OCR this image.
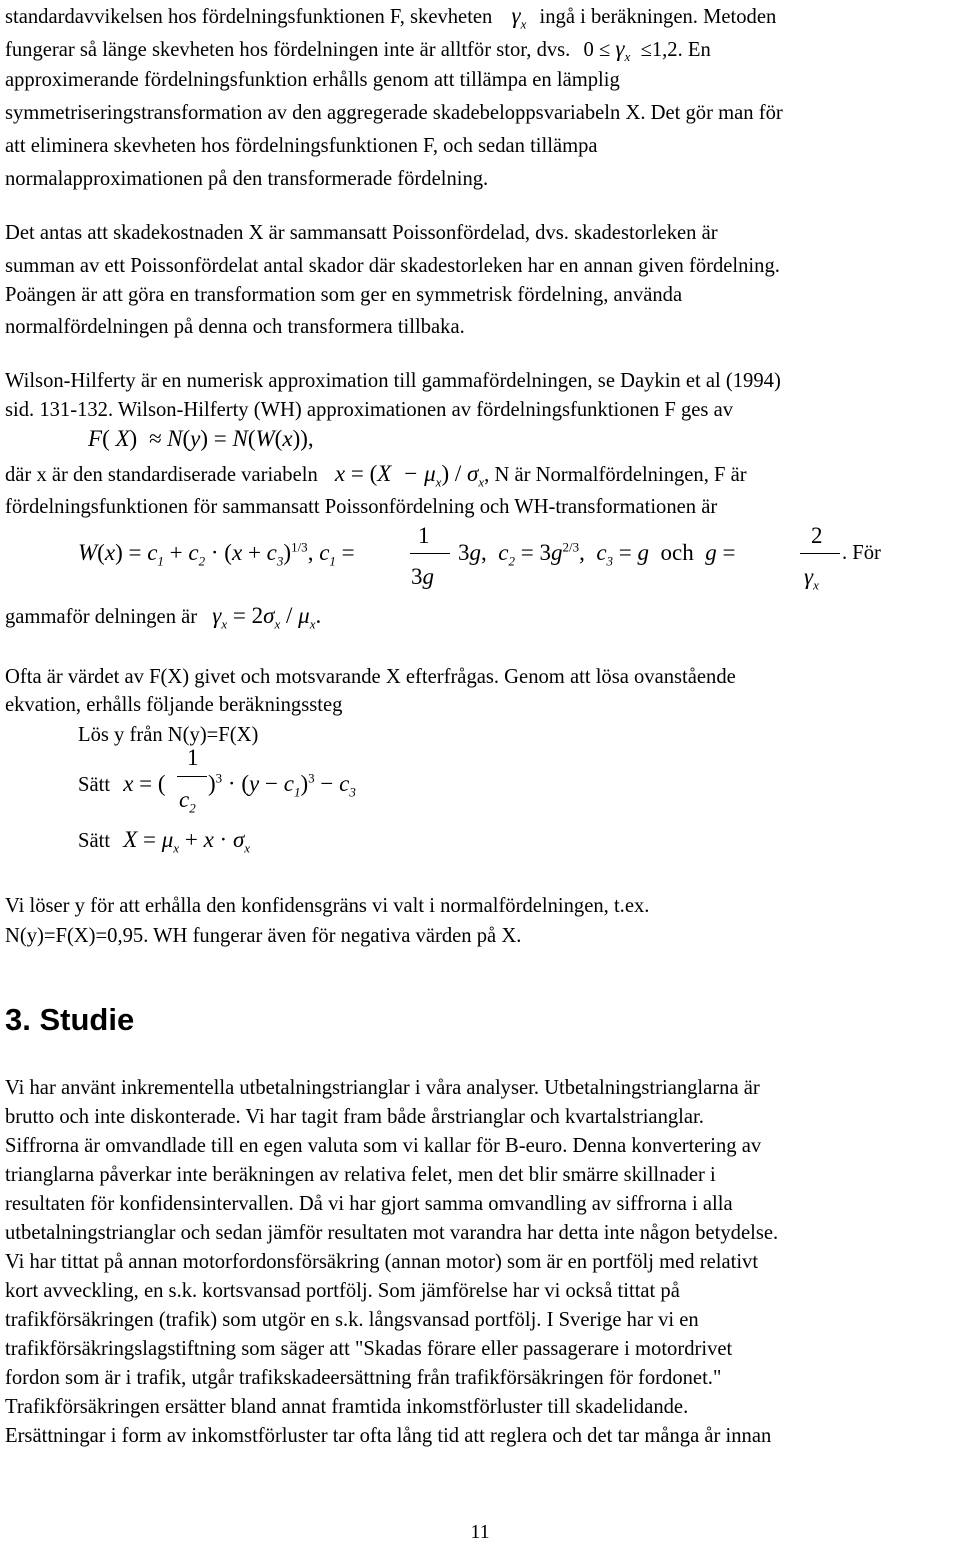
standardavvikelsen hos fördelningsfunktionen F, skevheten $\gamma_x$ ingå i beräkningen. Metoden
fungerar så länge skevheten hos fördelningen inte är alltför stor, dvs. $0 \le \gamma_x \le 1,2$. En
approximerande fördelningsfunktion erhålls genom att tillämpa en lämplig
symmetriseringstransformation av den aggregerade skadebeloppsvariabeln X. Det gör man för
att eliminera skevheten hos fördelningsfunktionen F, och sedan tillämpa
normalapproximationen på den transformerade fördelning.
Det antas att skadekostnaden X är sammansatt Poissonfördelad, dvs. skadestorleken är
summan av ett Poissonfördelat antal skador där skadestorleken har en annan given fördelning.
Poängen är att göra en transformation som ger en symmetrisk fördelning, använda
normalfördelningen på denna och transformera tillbaka.
Wilson-Hilferty är en numerisk approximation till gammafördelningen, se Daykin et al (1994)
sid. 131-132. Wilson-Hilferty (WH) approximationen av fördelningsfunktionen F ges av
F( X)  ≈ N(y) = N(W(x)),
där x är den standardiserade variabeln $x = (X - \mu_x) / \sigma_x$, N är Normalfördelningen, F är
fördelningsfunktionen för sammansatt Poissonfördelning och WH-transformationen är
$W(x) = c_1 + c_2 \cdot (x + c_3)^{1/3}$, $c_1$ =
1
3g
3g,  $c_2 = 3g^{2/3}$,  $c_3 = g$  och  g =
2
$\gamma_x$
. För
gammaför delningen är $\gamma_x = 2\sigma_x / \mu_x$.
Ofta är värdet av F(X) givet och motsvarande X efterfrågas. Genom att lösa ovanstående
ekvation, erhålls följande beräkningssteg
Lös y från N(y)=F(X)
Sätt x = (
1
$c_2$
)$^3 \cdot (y - c_1)^3 - c_3$
Sätt $X = \mu_x + x \cdot \sigma_x$
Vi löser y för att erhålla den konfidensgräns vi valt i normalfördelningen, t.ex.
N(y)=F(X)=0,95. WH fungerar även för negativa värden på X.
3. Studie
Vi har använt inkrementella utbetalningstrianglar i våra analyser. Utbetalningstrianglarna är
brutto och inte diskonterade. Vi har tagit fram både årstrianglar och kvartalstrianglar.
Siffrorna är omvandlade till en egen valuta som vi kallar för B-euro. Denna konvertering av
trianglarna påverkar inte beräkningen av relativa felet, men det blir smärre skillnader i
resultaten för konfidensintervallen. Då vi har gjort samma omvandling av siffrorna i alla
utbetalningstrianglar och sedan jämför resultaten mot varandra har detta inte någon betydelse.
Vi har tittat på annan motorfordonsförsäkring (annan motor) som är en portfölj med relativt
kort avveckling, en s.k. kortsvansad portfölj. Som jämförelse har vi också tittat på
trafikförsäkringen (trafik) som utgör en s.k. långsvansad portfölj. I Sverige har vi en
trafikförsäkringslagstiftning som säger att "Skadas förare eller passagerare i motordrivet
fordon som är i trafik, utgår trafikskadeersättning från trafikförsäkringen för fordonet."
Trafikförsäkringen ersätter bland annat framtida inkomstförluster till skadelidande.
Ersättningar i form av inkomstförluster tar ofta lång tid att reglera och det tar många år innan
11
